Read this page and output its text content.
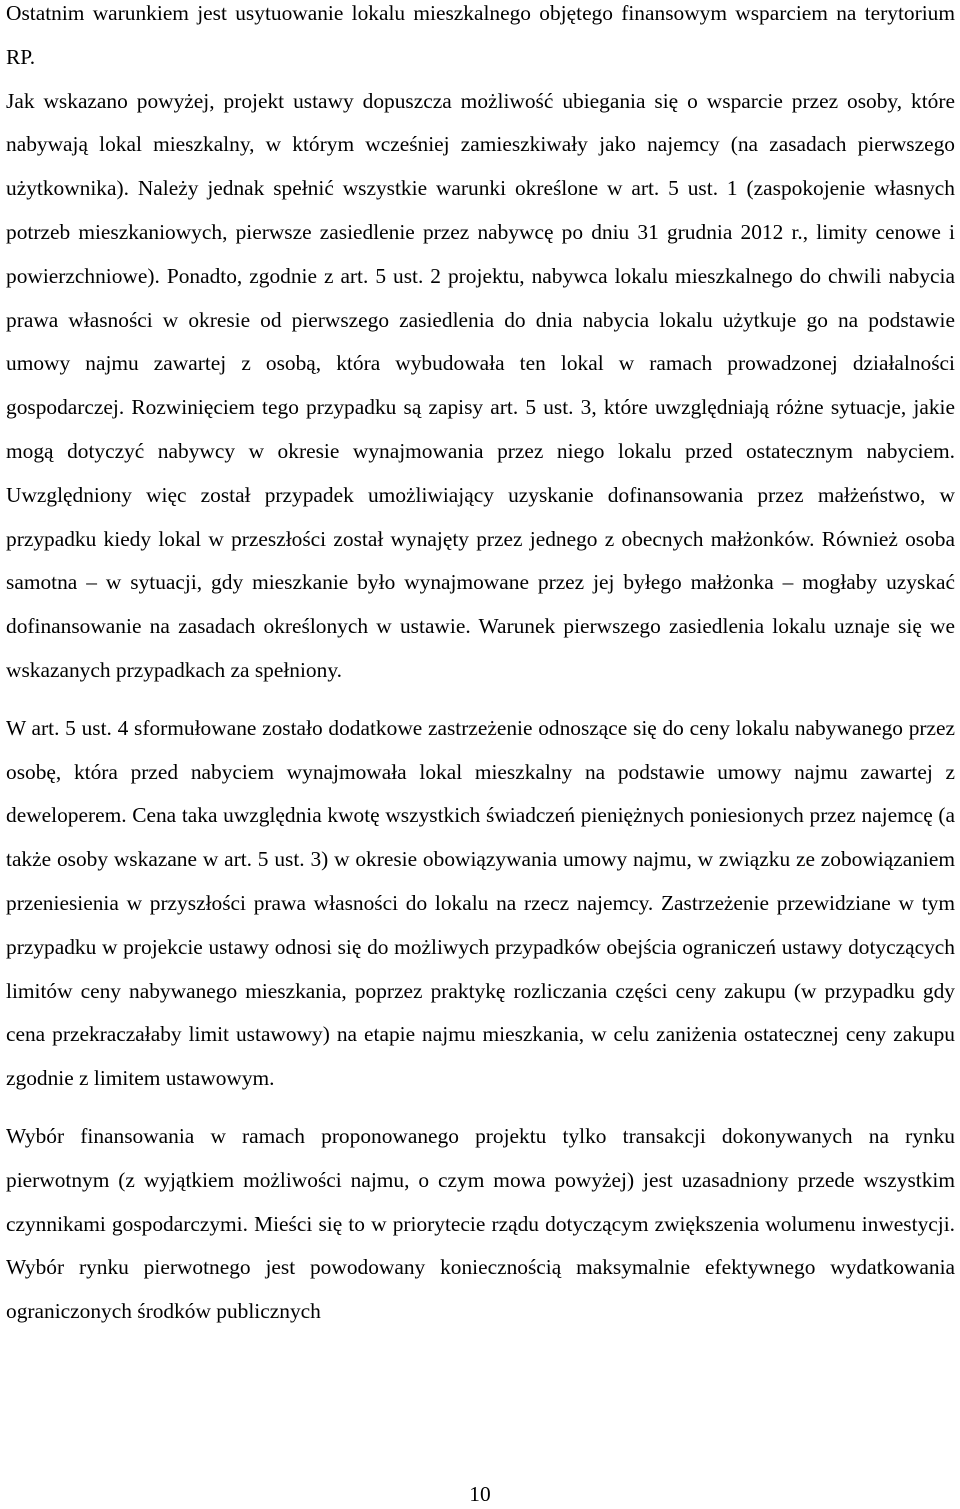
Ostatnim warunkiem jest usytuowanie lokalu mieszkalnego objętego finansowym wsparciem na terytorium RP.

Jak wskazano powyżej, projekt ustawy dopuszcza możliwość ubiegania się o wsparcie przez osoby, które nabywają lokal mieszkalny, w którym wcześniej zamieszkiwały jako najemcy (na zasadach pierwszego użytkownika). Należy jednak spełnić wszystkie warunki określone w art. 5 ust. 1 (zaspokojenie własnych potrzeb mieszkaniowych, pierwsze zasiedlenie przez nabywcę po dniu 31 grudnia 2012 r., limity cenowe i powierzchniowe). Ponadto, zgodnie z art. 5 ust. 2 projektu, nabywca lokalu mieszkalnego do chwili nabycia prawa własności w okresie od pierwszego zasiedlenia do dnia nabycia lokalu użytkuje go na podstawie umowy najmu zawartej z osobą, która wybudowała ten lokal w ramach prowadzonej działalności gospodarczej. Rozwinięciem tego przypadku są zapisy art. 5 ust. 3, które uwzględniają różne sytuacje, jakie mogą dotyczyć nabywcy w okresie wynajmowania przez niego lokalu przed ostatecznym nabyciem. Uwzględniony więc został przypadek umożliwiający uzyskanie dofinansowania przez małżeństwo, w przypadku kiedy lokal w przeszłości został wynajęty przez jednego z obecnych małżonków. Również osoba samotna – w sytuacji, gdy mieszkanie było wynajmowane przez jej byłego małżonka – mogłaby uzyskać dofinansowanie na zasadach określonych w ustawie. Warunek pierwszego zasiedlenia lokalu uznaje się we wskazanych przypadkach za spełniony.

W art. 5 ust. 4 sformułowane zostało dodatkowe zastrzeżenie odnoszące się do ceny lokalu nabywanego przez osobę, która przed nabyciem wynajmowała lokal mieszkalny na podstawie umowy najmu zawartej z deweloperem. Cena taka uwzględnia kwotę wszystkich świadczeń pieniężnych poniesionych przez najemcę (a także osoby wskazane w art. 5 ust. 3) w okresie obowiązywania umowy najmu, w związku ze zobowiązaniem przeniesienia w przyszłości prawa własności do lokalu na rzecz najemcy. Zastrzeżenie przewidziane w tym przypadku w projekcie ustawy odnosi się do możliwych przypadków obejścia ograniczeń ustawy dotyczących limitów ceny nabywanego mieszkania, poprzez praktykę rozliczania części ceny zakupu (w przypadku gdy cena przekraczałaby limit ustawowy) na etapie najmu mieszkania, w celu zaniżenia ostatecznej ceny zakupu zgodnie z limitem ustawowym.

Wybór finansowania w ramach proponowanego projektu tylko transakcji dokonywanych na rynku pierwotnym (z wyjątkiem możliwości najmu, o czym mowa powyżej) jest uzasadniony przede wszystkim czynnikami gospodarczymi. Mieści się to w priorytecie rządu dotyczącym zwiększenia wolumenu inwestycji. Wybór rynku pierwotnego jest powodowany koniecznością maksymalnie efektywnego wydatkowania ograniczonych środków publicznych

10
